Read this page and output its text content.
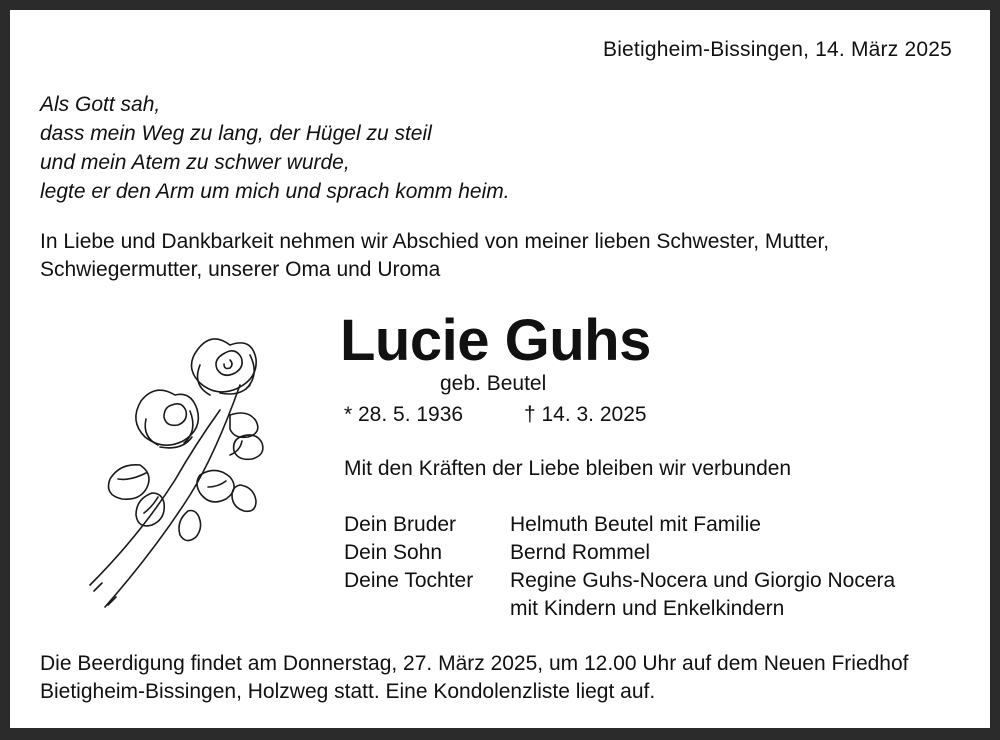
Bietigheim-Bissingen, 14. März 2025
Als Gott sah,
dass mein Weg zu lang, der Hügel zu steil
und mein Atem zu schwer wurde,
legte er den Arm um mich und sprach komm heim.
In Liebe und Dankbarkeit nehmen wir Abschied von meiner lieben Schwester, Mutter, Schwiegermutter, unserer Oma und Uroma
Lucie Guhs
geb. Beutel
* 28. 5. 1936	† 14. 3. 2025
Mit den Kräften der Liebe bleiben wir verbunden
Dein Bruder	Helmuth Beutel mit Familie
Dein Sohn	Bernd Rommel
Deine Tochter	Regine Guhs-Nocera und Giorgio Nocera
mit Kindern und Enkelkindern
Die Beerdigung findet am Donnerstag, 27. März 2025, um 12.00 Uhr auf dem Neuen Friedhof Bietigheim-Bissingen, Holzweg statt. Eine Kondolenzliste liegt auf.
